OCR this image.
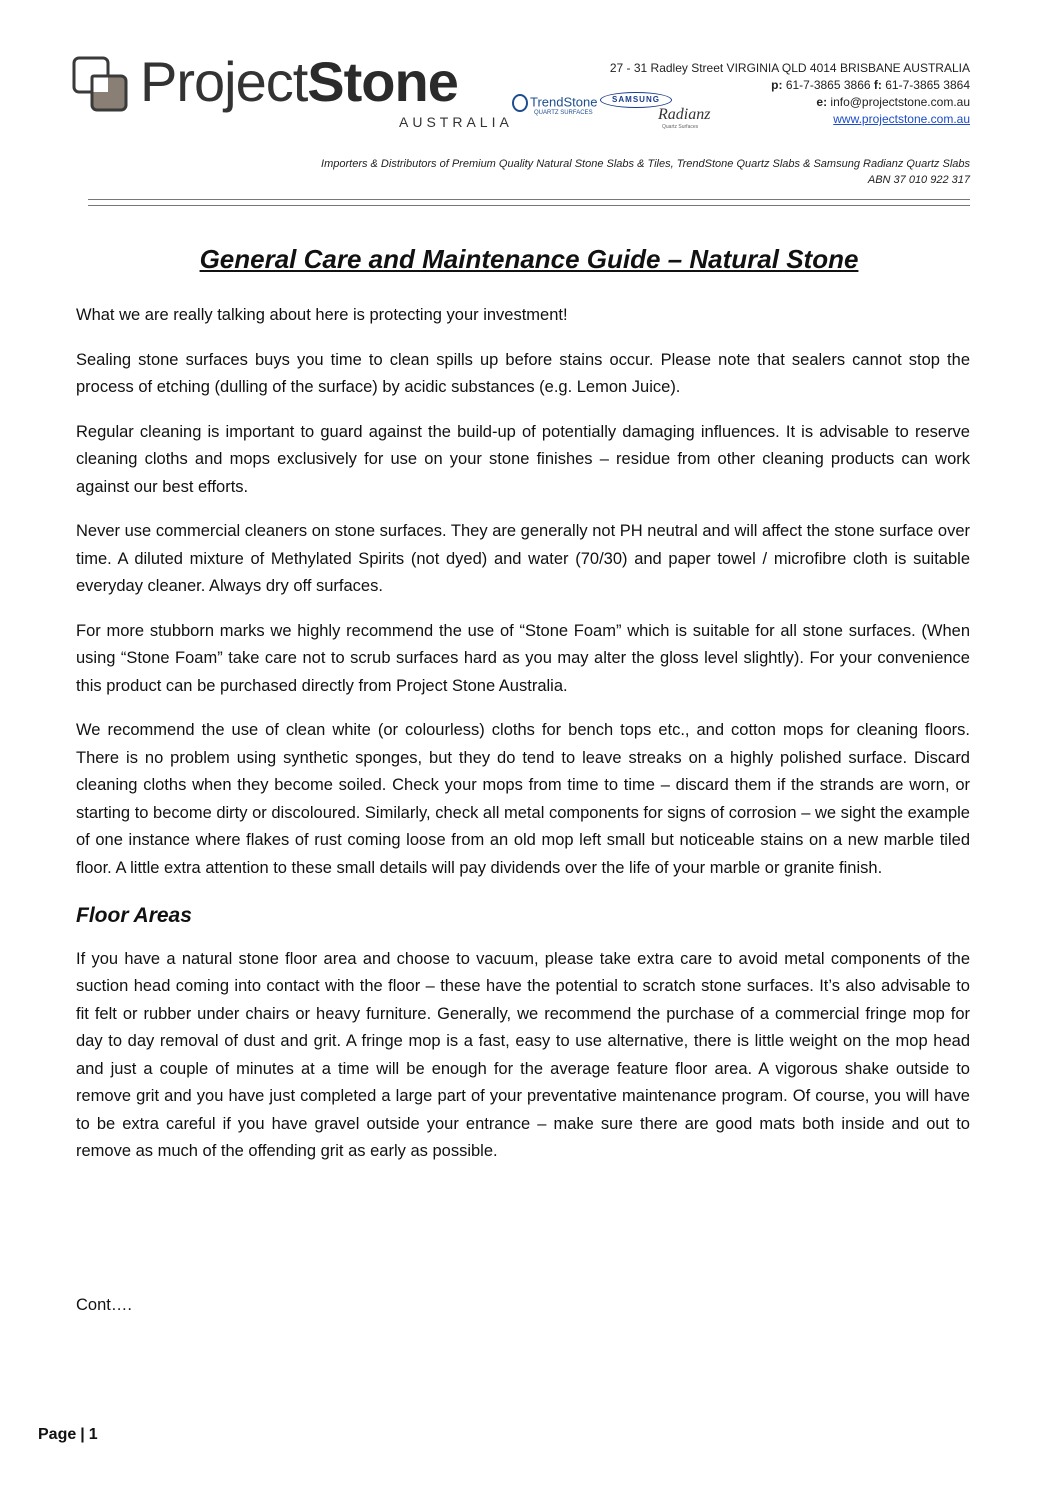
ProjectStone
AUSTRALIA
TrendStone
QUARTZ SURFACES
SAMSUNG
Radianz
Quartz Surfaces
27 - 31 Radley Street VIRGINIA QLD 4014 BRISBANE AUSTRALIA
p: 61-7-3865 3866 f: 61-7-3865 3864
e: info@projectstone.com.au
www.projectstone.com.au
Importers & Distributors of Premium Quality Natural Stone Slabs & Tiles, TrendStone Quartz Slabs & Samsung Radianz Quartz Slabs
ABN 37 010 922 317
General Care and Maintenance Guide – Natural Stone

What we are really talking about here is protecting your investment!

Sealing stone surfaces buys you time to clean spills up before stains occur. Please note that sealers cannot stop the process of etching (dulling of the surface) by acidic substances (e.g. Lemon Juice).

Regular cleaning is important to guard against the build-up of potentially damaging influences. It is advisable to reserve cleaning cloths and mops exclusively for use on your stone finishes – residue from other cleaning products can work against our best efforts.

Never use commercial cleaners on stone surfaces. They are generally not PH neutral and will affect the stone surface over time. A diluted mixture of Methylated Spirits (not dyed) and water (70/30) and paper towel / microfibre cloth is suitable everyday cleaner. Always dry off surfaces.

For more stubborn marks we highly recommend the use of “Stone Foam” which is suitable for all stone surfaces. (When using “Stone Foam” take care not to scrub surfaces hard as you may alter the gloss level slightly). For your convenience this product can be purchased directly from Project Stone Australia.

We recommend the use of clean white (or colourless) cloths for bench tops etc., and cotton mops for cleaning floors. There is no problem using synthetic sponges, but they do tend to leave streaks on a highly polished surface. Discard cleaning cloths when they become soiled. Check your mops from time to time – discard them if the strands are worn, or starting to become dirty or discoloured. Similarly, check all metal components for signs of corrosion – we sight the example of one instance where flakes of rust coming loose from an old mop left small but noticeable stains on a new marble tiled floor. A little extra attention to these small details will pay dividends over the life of your marble or granite finish.

Floor Areas

If you have a natural stone floor area and choose to vacuum, please take extra care to avoid metal components of the suction head coming into contact with the floor – these have the potential to scratch stone surfaces. It’s also advisable to fit felt or rubber under chairs or heavy furniture. Generally, we recommend the purchase of a commercial fringe mop for day to day removal of dust and grit. A fringe mop is a fast, easy to use alternative, there is little weight on the mop head and just a couple of minutes at a time will be enough for the average feature floor area. A vigorous shake outside to remove grit and you have just completed a large part of your preventative maintenance program. Of course, you will have to be extra careful if you have gravel outside your entrance – make sure there are good mats both inside and out to remove as much of the offending grit as early as possible.

Cont….
Page | 1
